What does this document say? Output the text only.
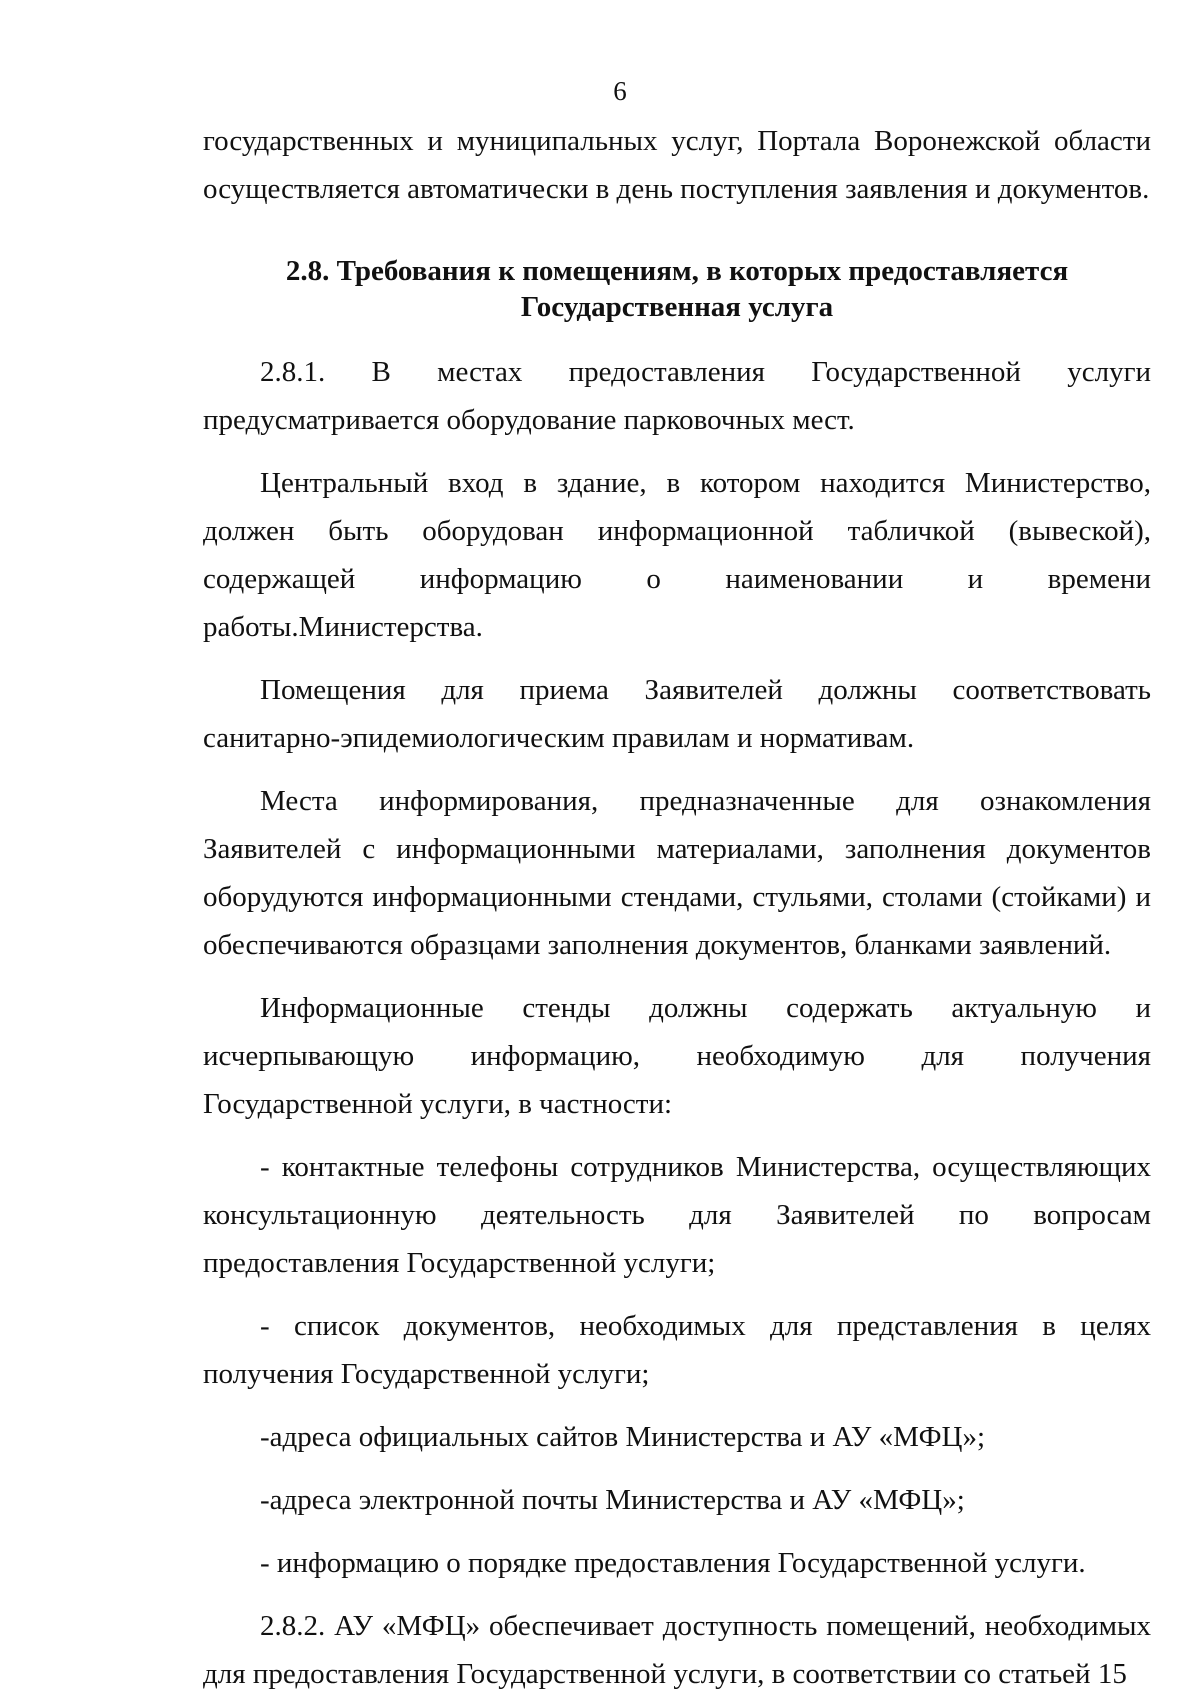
6

государственных и муниципальных услуг, Портала Воронежской области

осуществляется автоматически в день поступления заявления и документов.

2.8. Требования к помещениям, в которых предоставляется

Государственная услуга

2.8.1. В местах предоставления Государственной услуги предусматривается оборудование парковочных мест.

Центральный вход в здание, в котором находится Министерство, должен быть оборудован информационной табличкой (вывеской), содержащей информацию о наименовании и времени работы.Министерства.

Помещения для приема Заявителей должны соответствовать санитарно-эпидемиологическим правилам и нормативам.

Места информирования, предназначенные для ознакомления Заявителей с информационными материалами, заполнения документов оборудуются информационными стендами, стульями, столами (стойками) и обеспечиваются образцами заполнения документов, бланками заявлений.

Информационные стенды должны содержать актуальную и исчерпывающую информацию, необходимую для получения Государственной услуги, в частности:

- контактные телефоны сотрудников Министерства, осуществляющих консультационную деятельность для Заявителей по вопросам предоставления Государственной услуги;

- список документов, необходимых для представления в целях получения Государственной услуги;

-адреса официальных сайтов Министерства и АУ «МФЦ»;

-адреса электронной почты Министерства и АУ «МФЦ»;

- информацию о порядке предоставления Государственной услуги.

2.8.2. АУ «МФЦ» обеспечивает доступность помещений, необходимых для предоставления Государственной услуги, в соответствии со статьей 15
